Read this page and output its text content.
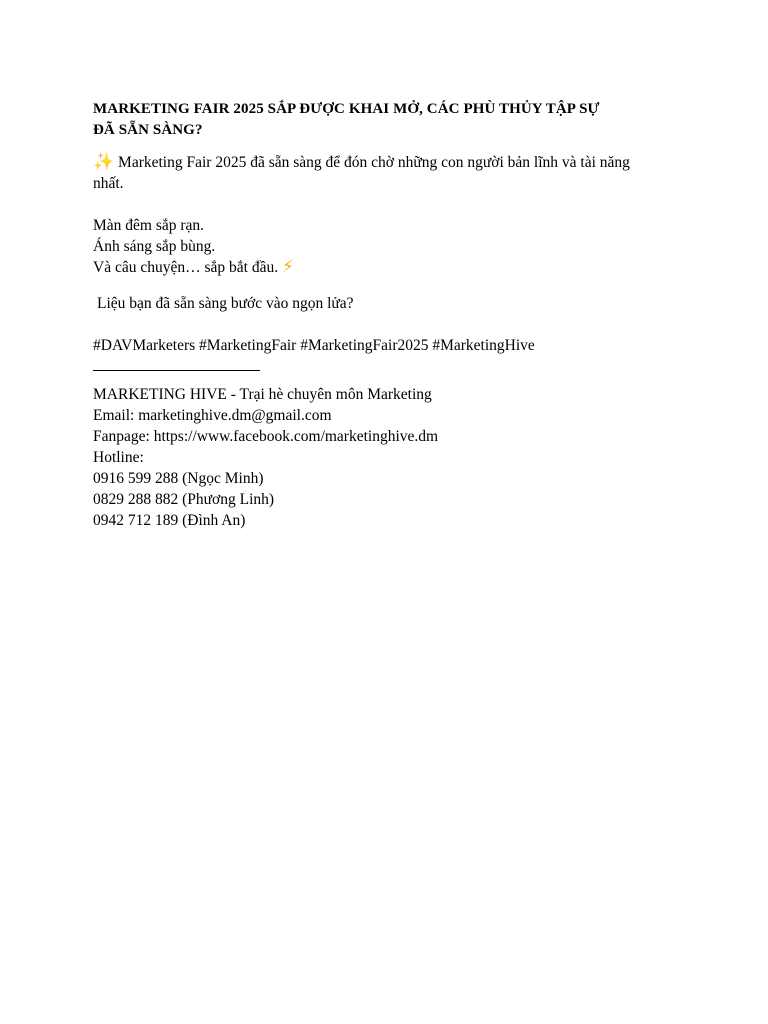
MARKETING FAIR 2025 SẮP ĐƯỢC KHAI MỞ, CÁC PHÙ THỦY TẬP SỰ
ĐÃ SẴN SÀNG?
✨ Marketing Fair 2025 đã sẵn sàng để đón chờ những con người bản lĩnh và tài năng
nhất.
Màn đêm sắp rạn.
Ánh sáng sắp bùng.
Và câu chuyện… sắp bắt đầu. ⚡
Liệu bạn đã sẵn sàng bước vào ngọn lửa?
#DAVMarketers #MarketingFair #MarketingFair2025 #MarketingHive
MARKETING HIVE - Trại hè chuyên môn Marketing
Email: marketinghive.dm@gmail.com
Fanpage: https://www.facebook.com/marketinghive.dm
Hotline:
0916 599 288 (Ngọc Minh)
0829 288 882 (Phương Linh)
0942 712 189 (Đình An)
